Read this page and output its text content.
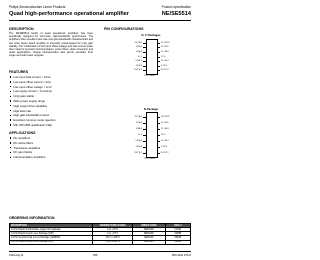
Philips Semiconductors Linear Products	Product specification
Quad high-performance operational amplifier	NE/SE5514
DESCRIPTION
The SE/NE5514 family of quad operational amplifiers has been specifically designed for low-noise, high-bandwidth performance. The amplifiers offer excellent slew rate and gain-bandwidth characteristics and low noise figure. Each amplifier is internally compensated for unity gain stability. The combination of low input offset voltage and bias current make them ideal for precision instrumentation, active filters, data conversion and audio applications. Unique characteristics also permit operation from single and split power supplies.
FEATURES
Low input bias current < 10nA
Low input offset current < 2nA
Low input offset voltage < 1mV
Low supply current < 1mA/amp
Unity gain stable
Wide power supply range
High output drive capability
High slew rate
High gain-bandwidth product
Excellent common-mode rejection
MIL-STD-883 qualification (SE)
APPLICATIONS
DC amplifiers
RC active filters
Transducer amplifiers
DC gain blocks
Instrumentation amplifiers
PIN CONFIGURATIONS
D, F Packages
OUT A 1	14 OUT D
-IN A 2	13 -IN D
+IN A 3	12 +IN D
V+ 4	11 V-
+IN B 5	10 +IN C
-IN B 6	9 -IN C
OUT B 7	8 OUT C
TOP VIEW
N Package
OUT A 1	14 OUT D
-IN A 2	13 -IN D
+IN A 3	12 +IN D
V+ 4	11 V-
+IN B 5	10 +IN C
-IN B 6	9 -IN C
OUT B 7	8 OUT C
TOP VIEW
ORDERING INFORMATION
DESCRIPTION	TEMPERATURE RANGE	ORDER CODE	DWG #
14-Pin Plastic Small Outline Large (SO) package	0 to +70°C	NE5514D	0175D
14-Pin Plastic Dual In-Line Package (DIP)	0 to +70°C	NE5514N	0405B
14-Pin Ceramic Dual In-Line Package (CERDIP)	-55 to +125°C	SE5514F	0581B
14-Pin Plastic Dual In-Line Package (DIP)	-55 to +125°C	SE5514N	0405B
1994 Aug 31	355	853-0942 13721
